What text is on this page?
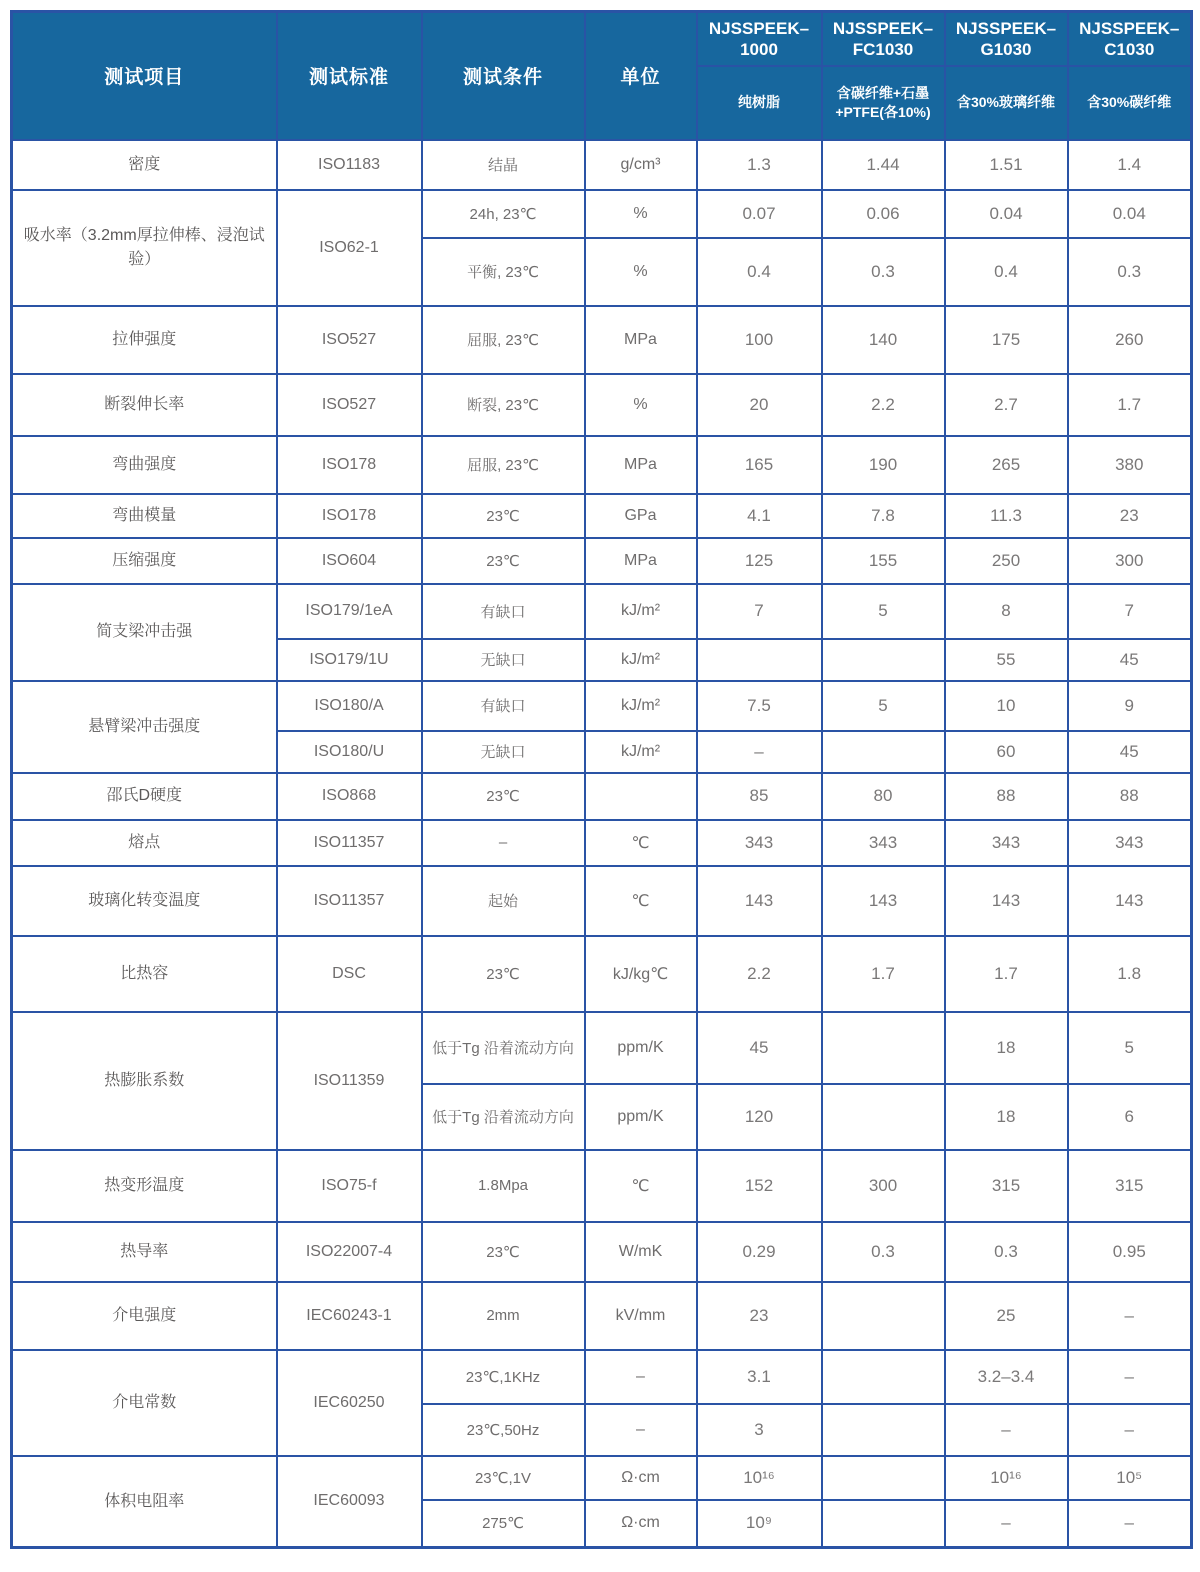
测试项目	测试标准	测试条件	单位	NJSSPEEK–1000	NJSSPEEK–FC1030	NJSSPEEK–G1030	NJSSPEEK–C1030
				纯树脂	含碳纤维+石墨+PTFE(各10%)	含30%玻璃纤维	含30%碳纤维
密度	ISO1183	结晶	g/cm³	1.3	1.44	1.51	1.4
吸水率（3.2mm厚拉伸棒、浸泡试验）	ISO62-1	24h, 23℃	%	0.07	0.06	0.04	0.04
		平衡, 23℃	%	0.4	0.3	0.4	0.3
拉伸强度	ISO527	屈服, 23℃	MPa	100	140	175	260
断裂伸长率	ISO527	断裂, 23℃	%	20	2.2	2.7	1.7
弯曲强度	ISO178	屈服, 23℃	MPa	165	190	265	380
弯曲模量	ISO178	23℃	GPa	4.1	7.8	11.3	23
压缩强度	ISO604	23℃	MPa	125	155	250	300
简支梁冲击强	ISO179/1eA	有缺口	kJ/m²	7	5	8	7
	ISO179/1U	无缺口	kJ/m²			55	45
悬臂梁冲击强度	ISO180/A	有缺口	kJ/m²	7.5	5	10	9
	ISO180/U	无缺口	kJ/m²	–		60	45
邵氏D硬度	ISO868	23℃		85	80	88	88
熔点	ISO11357	–	℃	343	343	343	343
玻璃化转变温度	ISO11357	起始	℃	143	143	143	143
比热容	DSC	23℃	kJ/kg℃	2.2	1.7	1.7	1.8
热膨胀系数	ISO11359	低于Tg 沿着流动方向	ppm/K	45		18	5
		低于Tg 沿着流动方向	ppm/K	120		18	6
热变形温度	ISO75-f	1.8Mpa	℃	152	300	315	315
热导率	ISO22007-4	23℃	W/mK	0.29	0.3	0.3	0.95
介电强度	IEC60243-1	2mm	kV/mm	23		25	–
介电常数	IEC60250	23℃,1KHz	–	3.1		3.2–3.4	–
		23℃,50Hz	–	3		–	–
体积电阻率	IEC60093	23℃,1V	Ω·cm	10¹⁶		10¹⁶	10⁵
		275℃	Ω·cm	10⁹		–	–
